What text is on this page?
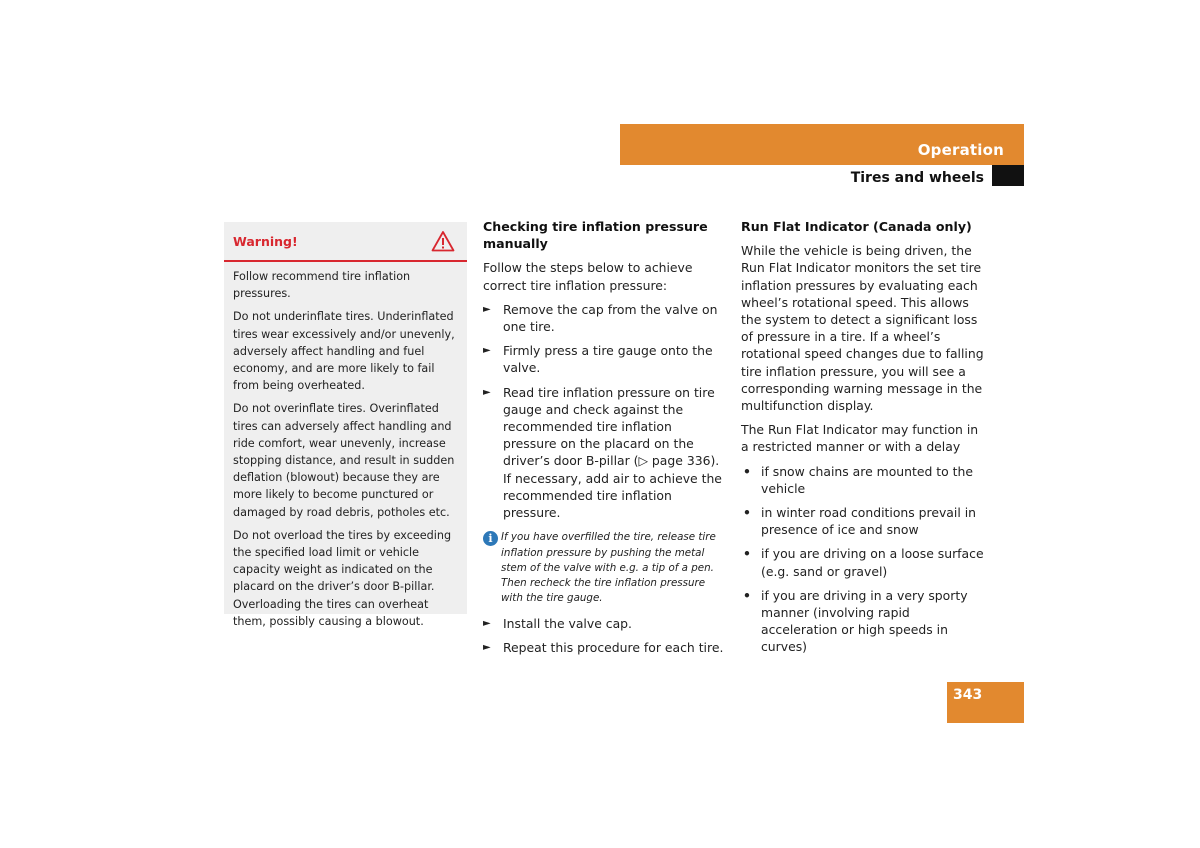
Operation
Tires and wheels
Warning!

Follow recommend tire inflation pressures.

Do not underinflate tires. Underinflated tires wear excessively and/or unevenly, adversely affect handling and fuel economy, and are more likely to fail from being overheated.

Do not overinflate tires. Overinflated tires can adversely affect handling and ride comfort, wear unevenly, increase stopping distance, and result in sudden deflation (blowout) because they are more likely to become punctured or damaged by road debris, potholes etc.

Do not overload the tires by exceeding the specified load limit or vehicle capacity weight as indicated on the placard on the driver’s door B-pillar. Overloading the tires can overheat them, possibly causing a blowout.

Checking tire inflation pressure manually

Follow the steps below to achieve correct tire inflation pressure:

► Remove the cap from the valve on one tire.
► Firmly press a tire gauge onto the valve.
► Read tire inflation pressure on tire gauge and check against the recommended tire inflation pressure on the placard on the driver’s door B-pillar (▷ page 336). If necessary, add air to achieve the recommended tire inflation pressure.
i If you have overfilled the tire, release tire inflation pressure by pushing the metal stem of the valve with e.g. a tip of a pen. Then recheck the tire inflation pressure with the tire gauge.
► Install the valve cap.
► Repeat this procedure for each tire.
Run Flat Indicator (Canada only)

While the vehicle is being driven, the Run Flat Indicator monitors the set tire inflation pressures by evaluating each wheel’s rotational speed. This allows the system to detect a significant loss of pressure in a tire. If a wheel’s rotational speed changes due to falling tire inflation pressure, you will see a corresponding warning message in the multifunction display.

The Run Flat Indicator may function in a restricted manner or with a delay

• if snow chains are mounted to the vehicle
• in winter road conditions prevail in presence of ice and snow
• if you are driving on a loose surface (e.g. sand or gravel)
• if you are driving in a very sporty manner (involving rapid acceleration or high speeds in curves)
343
